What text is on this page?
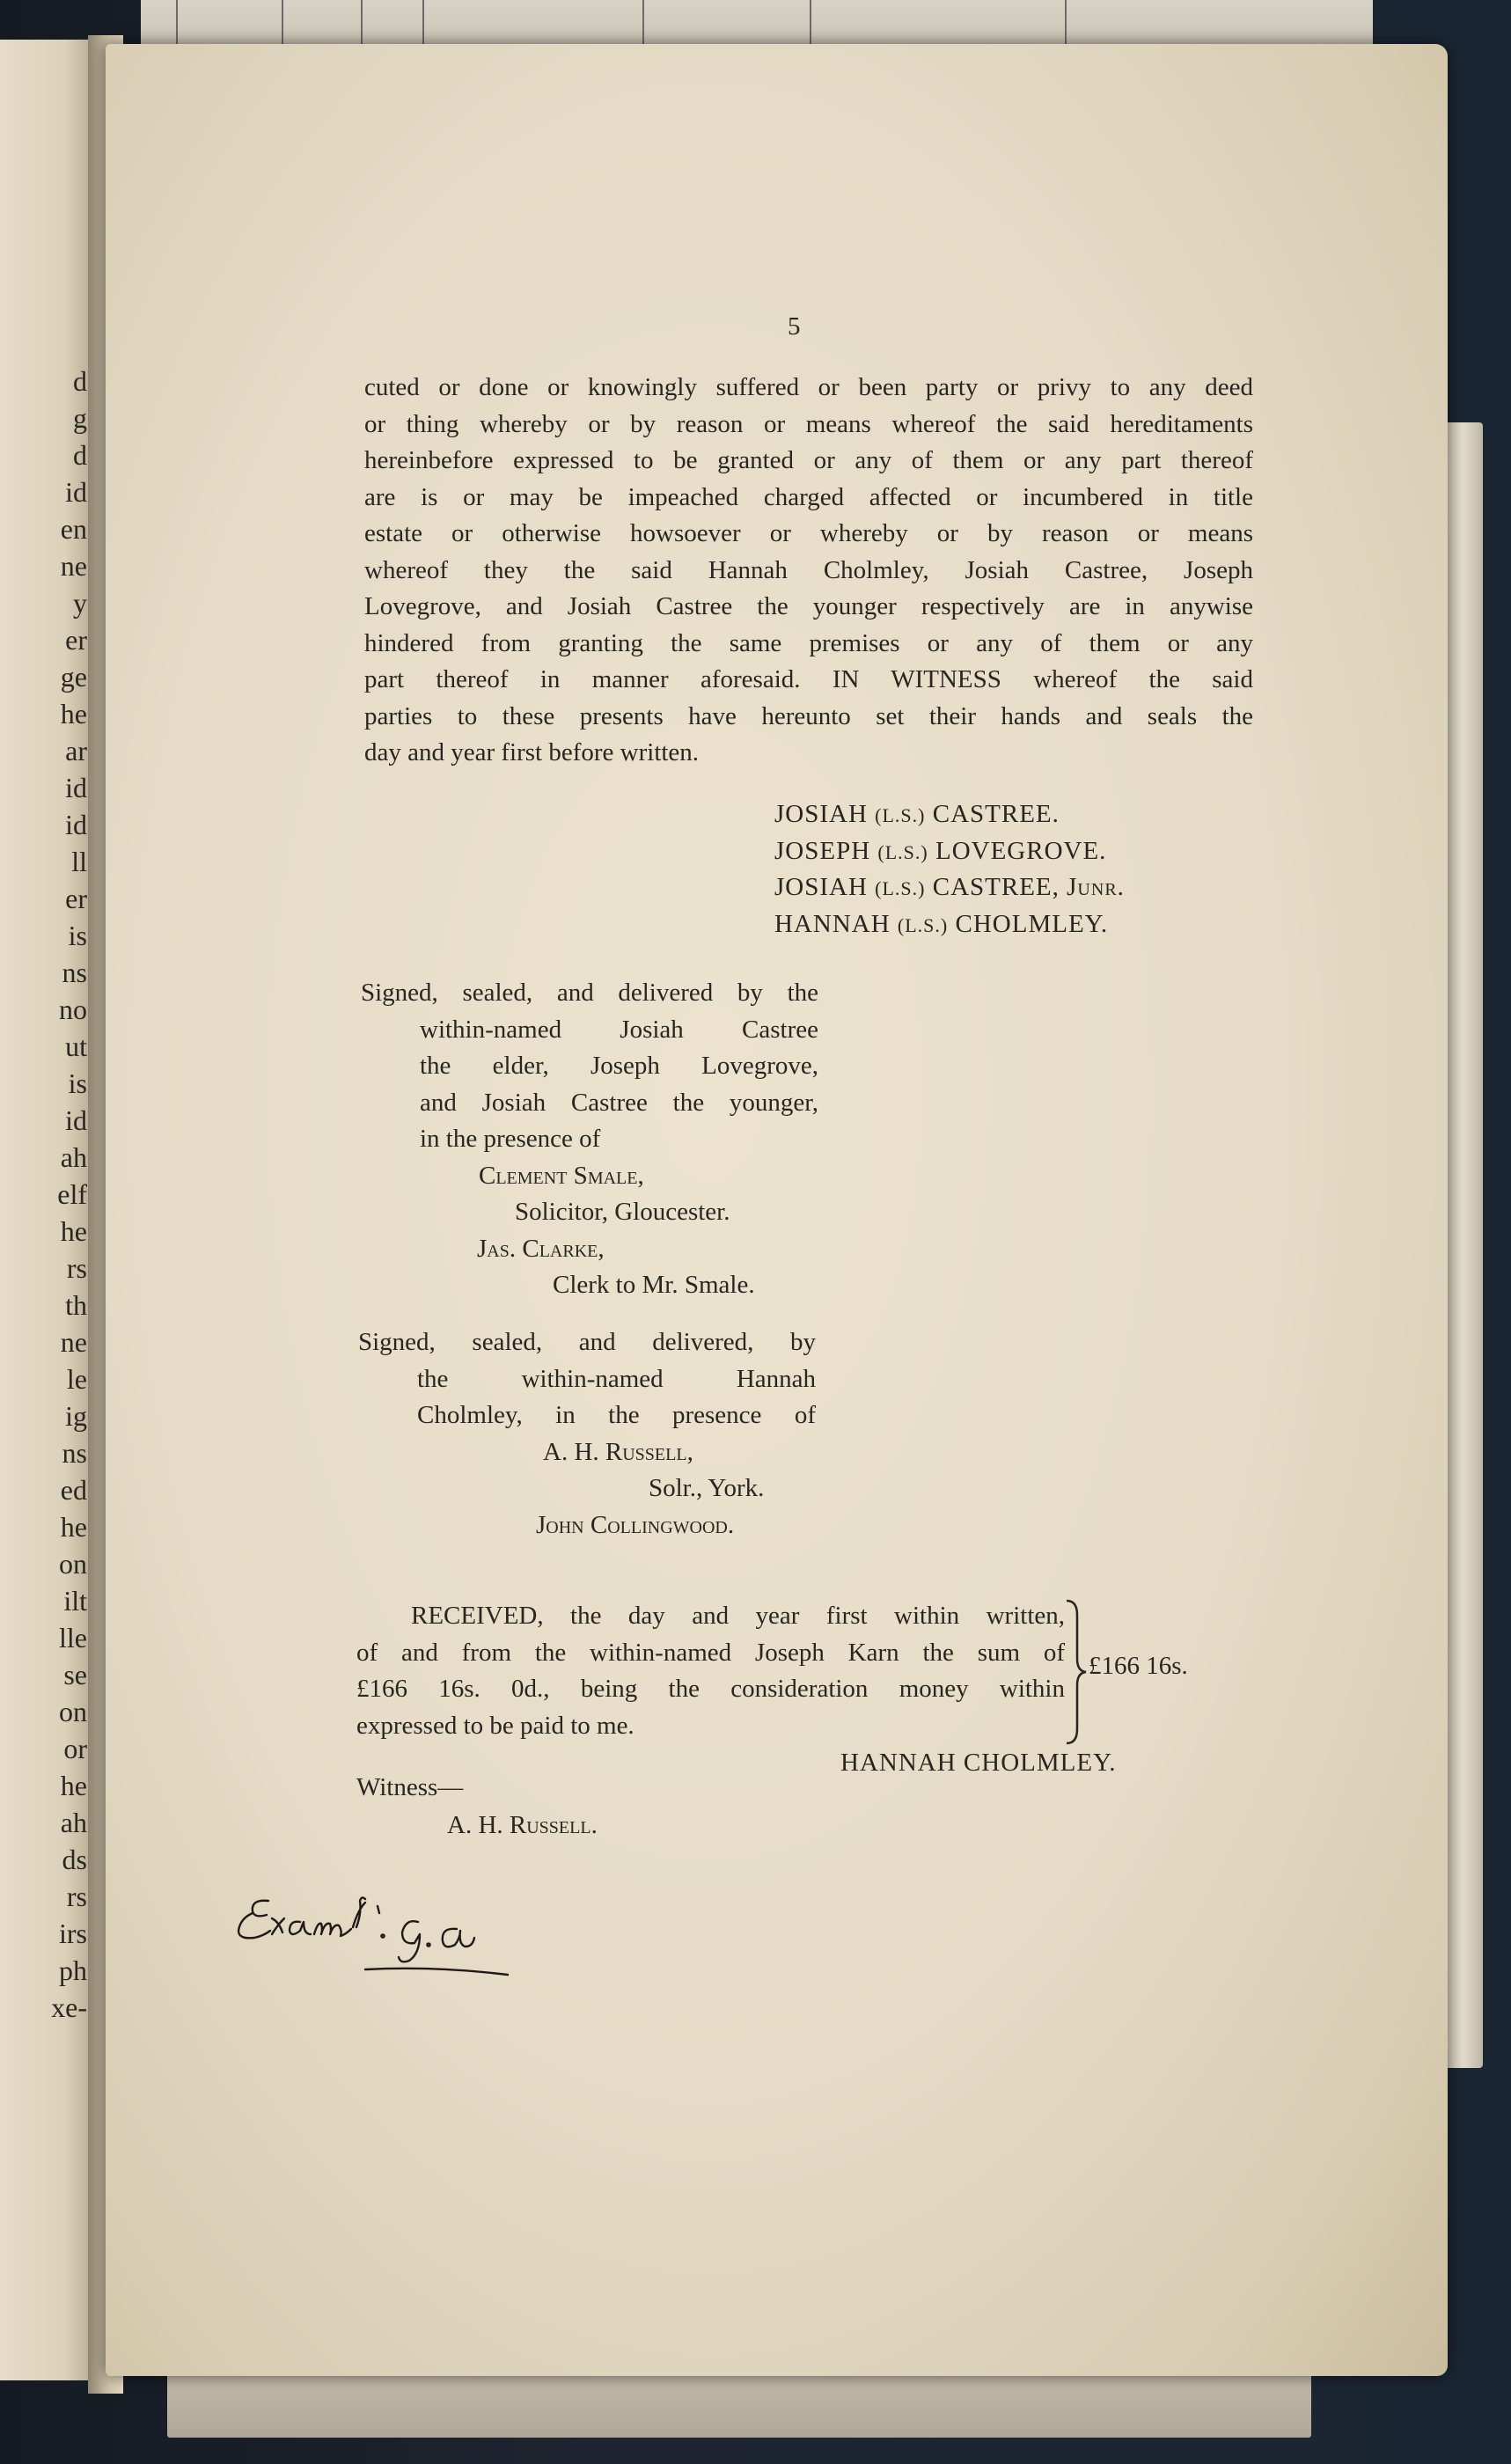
d
g
d
id
en
ne
y
er
ge
he
ar
id
id
ll
er
is
ns
no
ut
is
id
ah
elf
he
rs
th
ne
le
ig
ns
ed
he
on
ilt
lle
se
on
or
he
ah
ds
rs
irs
ph
xe-
5
cuted or done or knowingly suffered or been party or privy to any deed
or thing whereby or by reason or means whereof the said hereditaments
hereinbefore expressed to be granted or any of them or any part thereof
are is or may be impeached charged affected or incumbered in title
estate or otherwise howsoever or whereby or by reason or means
whereof they the said Hannah Cholmley, Josiah Castree, Joseph
Lovegrove, and Josiah Castree the younger respectively are in anywise
hindered from granting the same premises or any of them or any
part thereof in manner aforesaid. IN WITNESS whereof the said
parties to these presents have hereunto set their hands and seals the
day and year first before written.
JOSIAH (L.S.) CASTREE.
JOSEPH (L.S.) LOVEGROVE.
JOSIAH (L.S.) CASTREE, Junr.
HANNAH (L.S.) CHOLMLEY.
Signed, sealed, and delivered by the
within-named Josiah Castree
the elder, Joseph Lovegrove,
and Josiah Castree the younger,
in the presence of
Clement Smale,
Solicitor, Gloucester.
Jas. Clarke,
Clerk to Mr. Smale.
Signed, sealed, and delivered, by
the within-named Hannah
Cholmley, in the presence of
A. H. Russell,
Solr., York.
John Collingwood.
RECEIVED, the day and year first within written,
of and from the within-named Joseph Karn the sum of
£166 16s. 0d., being the consideration money within
expressed to be paid to me.
£166 16s.
HANNAH CHOLMLEY.
Witness—
A. H. Russell.
